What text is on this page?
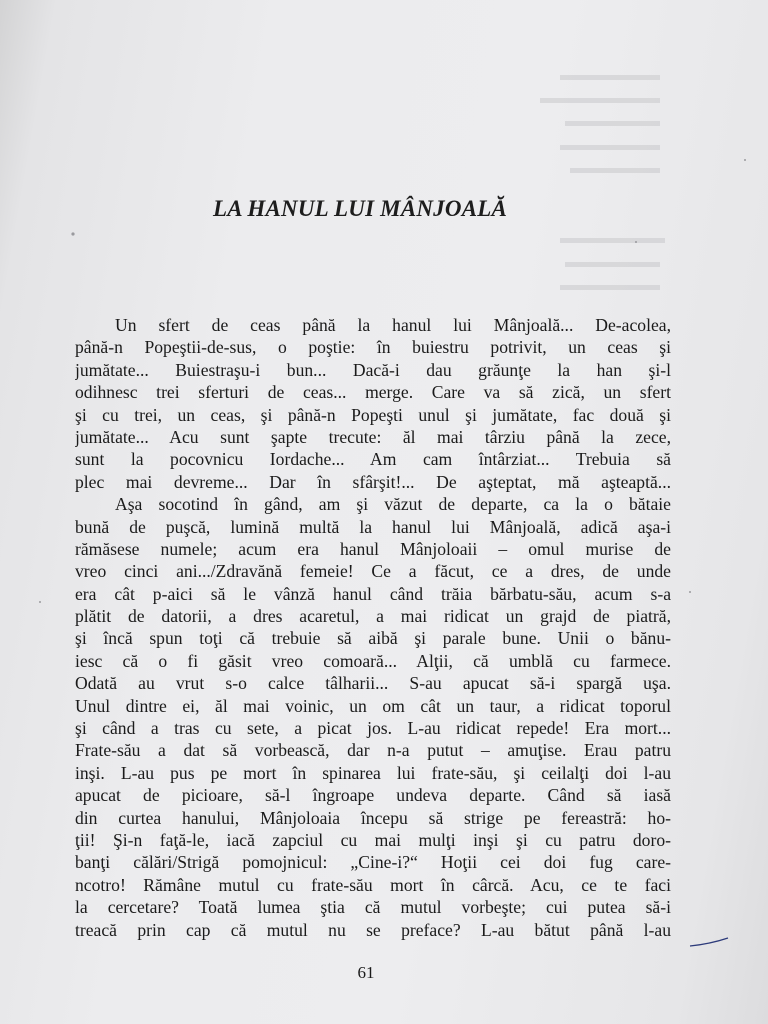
LA HANUL LUI MÂNJOALĂ
Un sfert de ceas până la hanul lui Mânjoală... De-acolea,
până-n Popeştii-de-sus, o poştie: în buiestru potrivit, un ceas şi
jumătate... Buiestraşu-i bun... Dacă-i dau grăunţe la han şi-l
odihnesc trei sferturi de ceas... merge. Care va să zică, un sfert
şi cu trei, un ceas, şi până-n Popeşti unul şi jumătate, fac două şi
jumătate... Acu sunt şapte trecute: ăl mai târziu până la zece,
sunt la pocovnicu Iordache... Am cam întârziat... Trebuia să
plec mai devreme... Dar în sfârşit!... De aşteptat, mă aşteaptă...
Aşa socotind în gând, am şi văzut de departe, ca la o bătaie
bună de puşcă, lumină multă la hanul lui Mânjoală, adică aşa-i
rămăsese numele; acum era hanul Mânjoloaii – omul murise de
vreo cinci ani.../Zdravănă femeie! Ce a făcut, ce a dres, de unde
era cât p-aici să le vânză hanul când trăia bărbatu-său, acum s-a
plătit de datorii, a dres acaretul, a mai ridicat un grajd de piatră,
şi încă spun toţi că trebuie să aibă şi parale bune. Unii o bănu-
iesc că o fi găsit vreo comoară... Alţii, că umblă cu farmece.
Odată au vrut s-o calce tâlharii... S-au apucat să-i spargă uşa.
Unul dintre ei, ăl mai voinic, un om cât un taur, a ridicat toporul
şi când a tras cu sete, a picat jos. L-au ridicat repede! Era mort...
Frate-său a dat să vorbească, dar n-a putut – amuţise. Erau patru
inşi. L-au pus pe mort în spinarea lui frate-său, şi ceilalţi doi l-au
apucat de picioare, să-l îngroape undeva departe. Când să iasă
din curtea hanului, Mânjoloaia începu să strige pe fereastră: ho-
ţii! Şi-n faţă-le, iacă zapciul cu mai mulţi inşi şi cu patru doro-
banţi călări/Strigă pomojnicul: „Cine-i?“ Hoţii cei doi fug care-
ncotro! Rămâne mutul cu frate-său mort în cârcă. Acu, ce te faci
la cercetare? Toată lumea ştia că mutul vorbeşte; cui putea să-i
treacă prin cap că mutul nu se preface? L-au bătut până l-au
61
